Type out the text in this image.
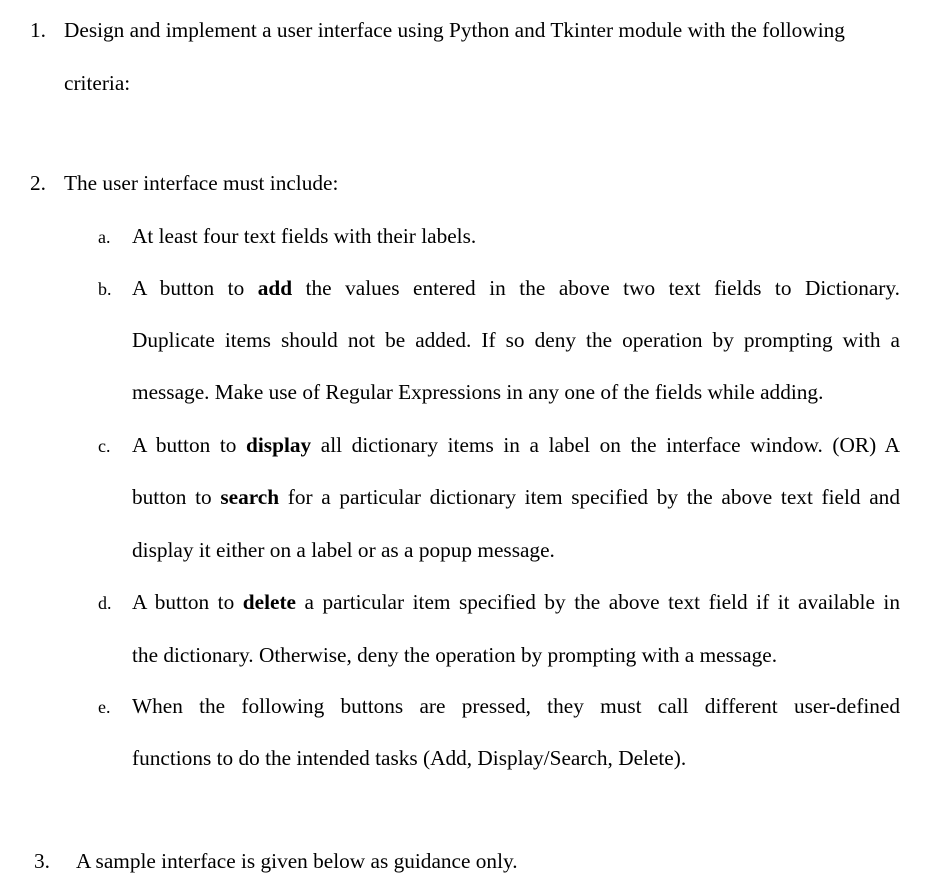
1. Design and implement a user interface using Python and Tkinter module with the following
criteria:
2. The user interface must include:
a. At least four text fields with their labels.
b. A button to add the values entered in the above two text fields to Dictionary.
Duplicate items should not be added. If so deny the operation by prompting with a
message. Make use of Regular Expressions in any one of the fields while adding.
c. A button to display all dictionary items in a label on the interface window. (OR) A
button to search for a particular dictionary item specified by the above text field and
display it either on a label or as a popup message.
d. A button to delete a particular item specified by the above text field if it available in
the dictionary. Otherwise, deny the operation by prompting with a message.
e. When the following buttons are pressed, they must call different user-defined
functions to do the intended tasks (Add, Display/Search, Delete).
3. A sample interface is given below as guidance only.
